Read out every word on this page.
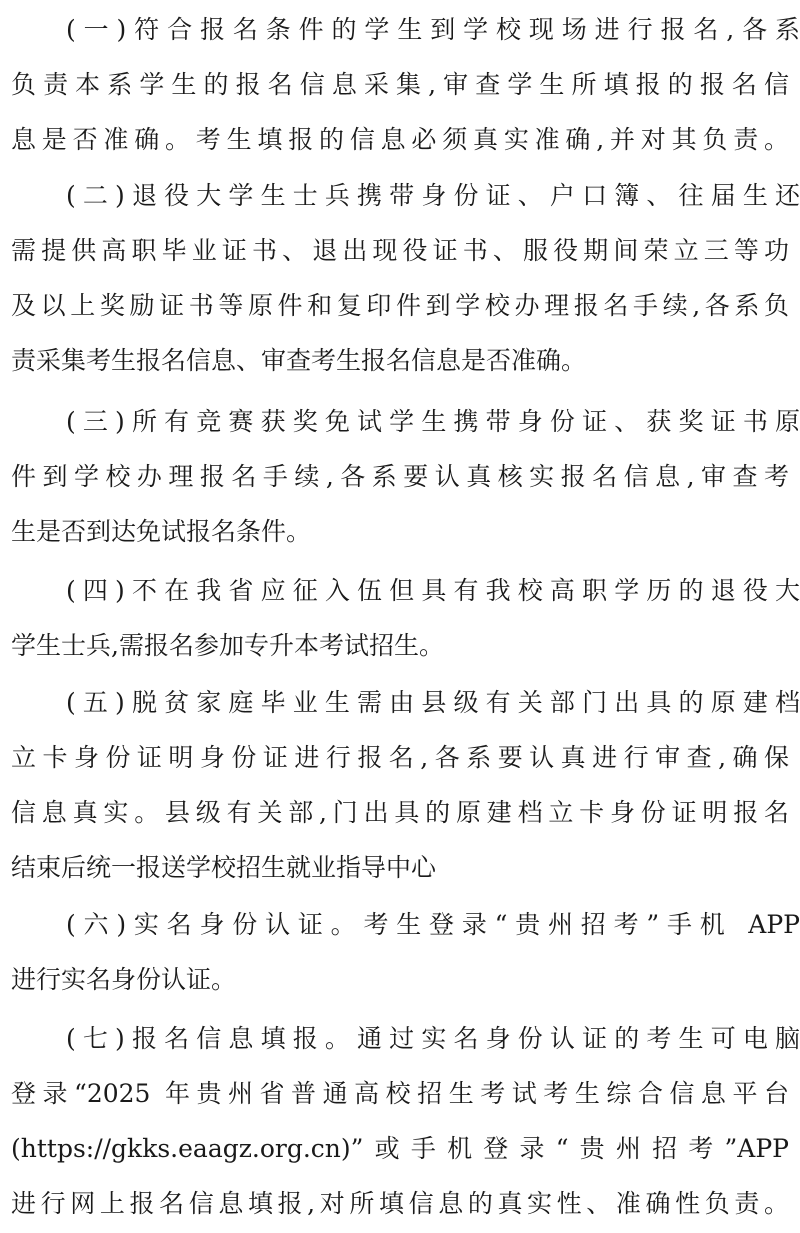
(一)符合报名条件的学生到学校现场进行报名,各系
负责本系学生的报名信息采集,审查学生所填报的报名信
息是否准确。考生填报的信息必须真实准确,并对其负责。
(二)退役大学生士兵携带身份证、户口簿、往届生还
需提供高职毕业证书、退出现役证书、服役期间荣立三等功
及以上奖励证书等原件和复印件到学校办理报名手续,各系负
责采集考生报名信息、审查考生报名信息是否准确。
(三)所有竞赛获奖免试学生携带身份证、获奖证书原
件到学校办理报名手续,各系要认真核实报名信息,审查考
生是否到达免试报名条件。
(四)不在我省应征入伍但具有我校高职学历的退役大
学生士兵,需报名参加专升本考试招生。
(五)脱贫家庭毕业生需由县级有关部门出具的原建档
立卡身份证明身份证进行报名,各系要认真进行审查,确保
信息真实。县级有关部,门出具的原建档立卡身份证明报名
结束后统一报送学校招生就业指导中心
(六)实名身份认证。考生登录“贵州招考”手机 APP
进行实名身份认证。
(七)报名信息填报。通过实名身份认证的考生可电脑
登录“2025 年贵州省普通高校招生考试考生综合信息平台
(https://gkks.eaagz.org.cn)”或手机登录“贵州招考”APP
进行网上报名信息填报,对所填信息的真实性、准确性负责。
